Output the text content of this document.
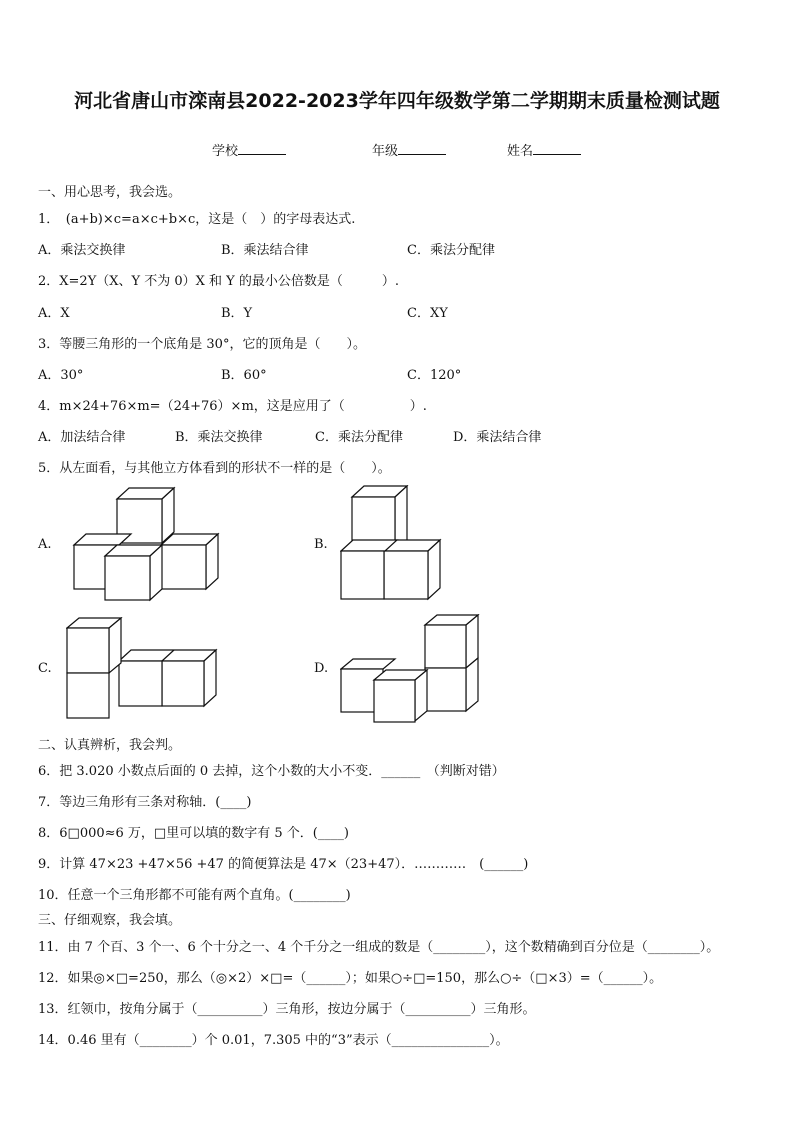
河北省唐山市滦南县2022-2023学年四年级数学第二学期期末质量检测试题
学校	年级	姓名
一、用心思考，我会选。
1．　(a+b)×c=a×c+b×c，这是（　）的字母表达式.
A．乘法交换律	B．乘法结合律	C．乘法分配律
2．X=2Y（X、Y 不为 0）X 和 Y 的最小公倍数是（　　　）.
A．X	B．Y	C．XY
3．等腰三角形的一个底角是 30°，它的顶角是（　　）。
A．30°	B．60°	C．120°
4．m×24+76×m=（24+76）×m，这是应用了（　　　　　）.
A．加法结合律	B．乘法交换律	C．乘法分配律	D．乘法结合律
5．从左面看，与其他立方体看到的形状不一样的是（　　）。
A.	B.
C.	D.
二、认真辨析，我会判。
6．把 3.020 小数点后面的 0 去掉，这个小数的大小不变．______　（判断对错）
7．等边三角形有三条对称轴．(____)
8．6□000≈6 万，□里可以填的数字有 5 个．(____)
9．计算 47×23 +47×56 +47 的简便算法是 47×（23+47）．…………　(______)
10．任意一个三角形都不可能有两个直角。(________)
三、仔细观察，我会填。
11．由 7 个百、3 个一、6 个十分之一、4 个千分之一组成的数是（________），这个数精确到百分位是（________）。
12．如果◎×□=250，那么（◎×2）×□=（______）；如果○÷□=150，那么○÷（□×3）=（______）。
13．红领巾，按角分属于（__________）三角形，按边分属于（__________）三角形。
14．0.46 里有（________）个 0.01，7.305 中的“3”表示（_______________）。
